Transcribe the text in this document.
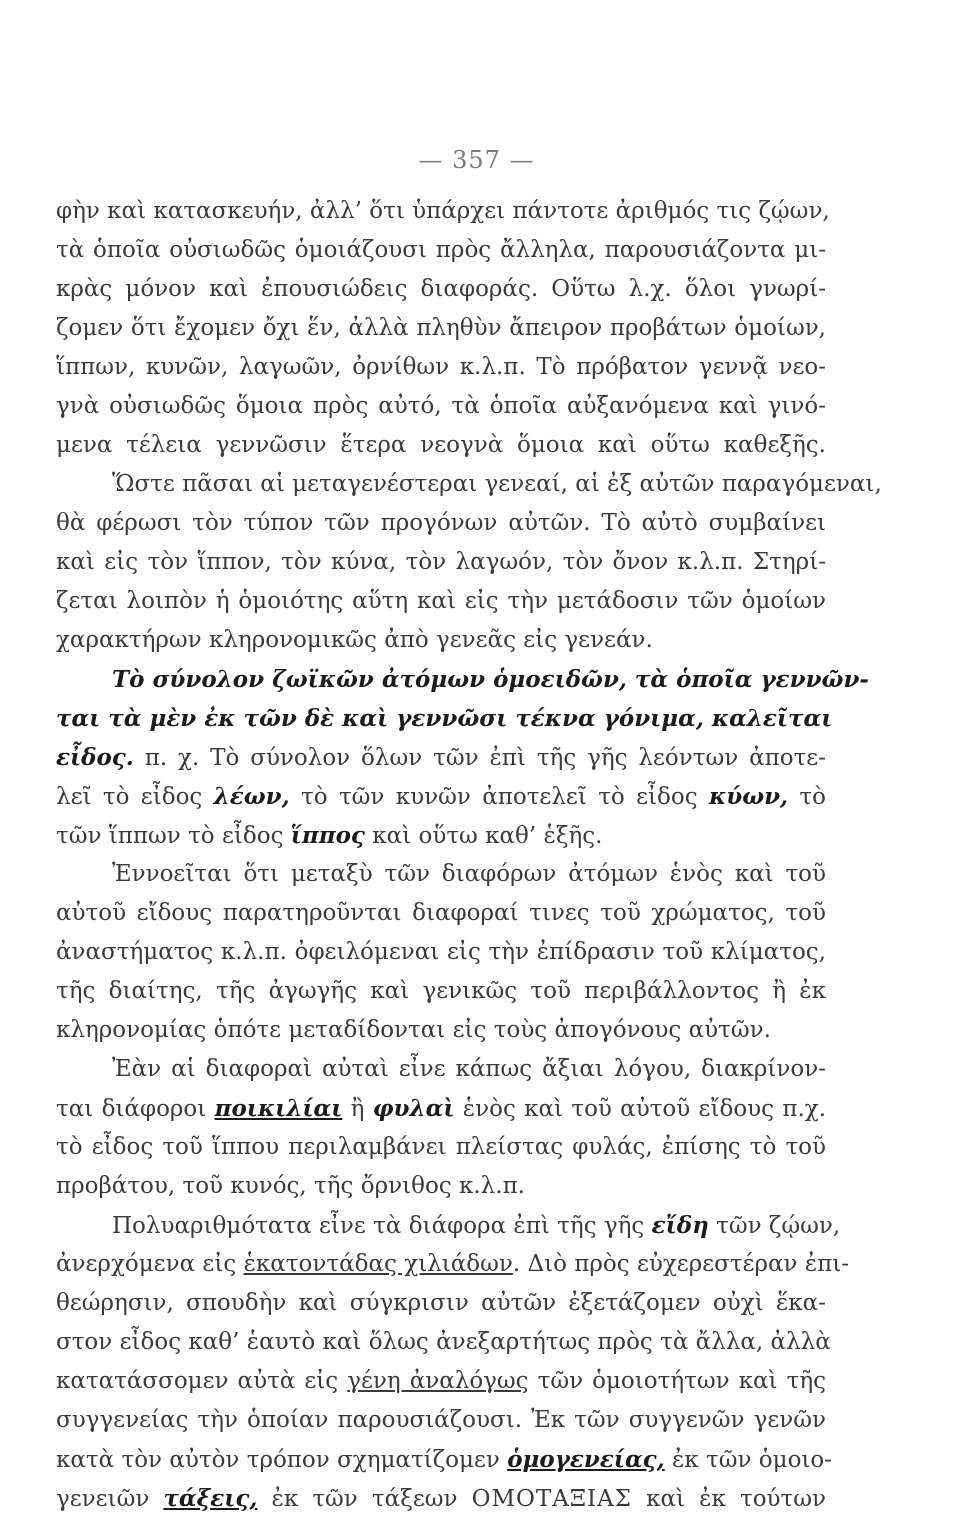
— 357 —
φὴν καὶ κατασκευήν, ἀλλ’ ὅτι ὑπάρχει πάντοτε ἀριθμός τις ζῴων,
τὰ ὁποῖα οὐσιωδῶς ὁμοιάζουσι πρὸς ἄλληλα, παρουσιάζοντα μι-
κρὰς μόνον καὶ ἐπουσιώδεις διαφοράς. Οὕτω λ.χ. ὅλοι γνωρί-
ζομεν ὅτι ἔχομεν ὄχι ἕν, ἀλλὰ πληθὺν ἄπειρον προβάτων ὁμοίων,
ἵππων, κυνῶν, λαγωῶν, ὀρνίθων κ.λ.π. Τὸ πρόβατον γεννᾷ νεο-
γνὰ οὐσιωδῶς ὅμοια πρὸς αὐτό, τὰ ὁποῖα αὐξανόμενα καὶ γινό-
μενα τέλεια γεννῶσιν ἕτερα νεογνὰ ὅμοια καὶ οὕτω καθεξῆς.
Ὥστε πᾶσαι αἱ μεταγενέστεραι γενεαί, αἱ ἐξ αὐτῶν παραγόμεναι,
θὰ φέρωσι τὸν τύπον τῶν προγόνων αὐτῶν. Τὸ αὐτὸ συμβαίνει
καὶ εἰς τὸν ἵππον, τὸν κύνα, τὸν λαγωόν, τὸν ὄνον κ.λ.π. Στηρί-
ζεται λοιπὸν ἡ ὁμοιότης αὕτη καὶ εἰς τὴν μετάδοσιν τῶν ὁμοίων
χαρακτήρων κληρονομικῶς ἀπὸ γενεᾶς εἰς γενεάν.
Τὸ σύνολον ζωϊκῶν ἀτόμων ὁμοειδῶν, τὰ ὁποῖα γεννῶν-
ται τὰ μὲν ἐκ τῶν δὲ καὶ γεννῶσι τέκνα γόνιμα, καλεῖται
εἶδος. π. χ. Τὸ σύνολον ὅλων τῶν ἐπὶ τῆς γῆς λεόντων ἀποτε-
λεῖ τὸ εἶδος λέων, τὸ τῶν κυνῶν ἀποτελεῖ τὸ εἶδος κύων, τὸ
τῶν ἵππων τὸ εἶδος ἵππος καὶ οὕτω καθ’ ἑξῆς.
Ἐννοεῖται ὅτι μεταξὺ τῶν διαφόρων ἀτόμων ἑνὸς καὶ τοῦ
αὐτοῦ εἴδους παρατηροῦνται διαφοραί τινες τοῦ χρώματος, τοῦ
ἀναστήματος κ.λ.π. ὀφειλόμεναι εἰς τὴν ἐπίδρασιν τοῦ κλίματος,
τῆς διαίτης, τῆς ἀγωγῆς καὶ γενικῶς τοῦ περιβάλλοντος ἢ ἐκ
κληρονομίας ὁπότε μεταδίδονται εἰς τοὺς ἀπογόνους αὐτῶν.
Ἐὰν αἱ διαφοραὶ αὐταὶ εἶνε κάπως ἄξιαι λόγου, διακρίνον-
ται διάφοροι ποικιλίαι ἢ φυλαὶ ἑνὸς καὶ τοῦ αὐτοῦ εἴδους π.χ.
τὸ εἶδος τοῦ ἵππου περιλαμβάνει πλείστας φυλάς, ἐπίσης τὸ τοῦ
προβάτου, τοῦ κυνός, τῆς ὄρνιθος κ.λ.π.
Πολυαριθμότατα εἶνε τὰ διάφορα ἐπὶ τῆς γῆς εἴδη τῶν ζῴων,
ἀνερχόμενα εἰς ἑκατοντάδας χιλιάδων. Διὸ πρὸς εὐχερεστέραν ἐπι-
θεώρησιν, σπουδὴν καὶ σύγκρισιν αὐτῶν ἐξετάζομεν οὐχὶ ἕκα-
στον εἶδος καθ’ ἑαυτὸ καὶ ὅλως ἀνεξαρτήτως πρὸς τὰ ἄλλα, ἀλλὰ
κατατάσσομεν αὐτὰ εἰς γένη ἀναλόγως τῶν ὁμοιοτήτων καὶ τῆς
συγγενείας τὴν ὁποίαν παρουσιάζουσι. Ἐκ τῶν συγγενῶν γενῶν
κατὰ τὸν αὐτὸν τρόπον σχηματίζομεν ὁμογενείας, ἐκ τῶν ὁμοιο-
γενειῶν τάξεις, ἐκ τῶν τάξεων ΟΜΟΤΑΞΙΑΣ καὶ ἐκ τούτων
